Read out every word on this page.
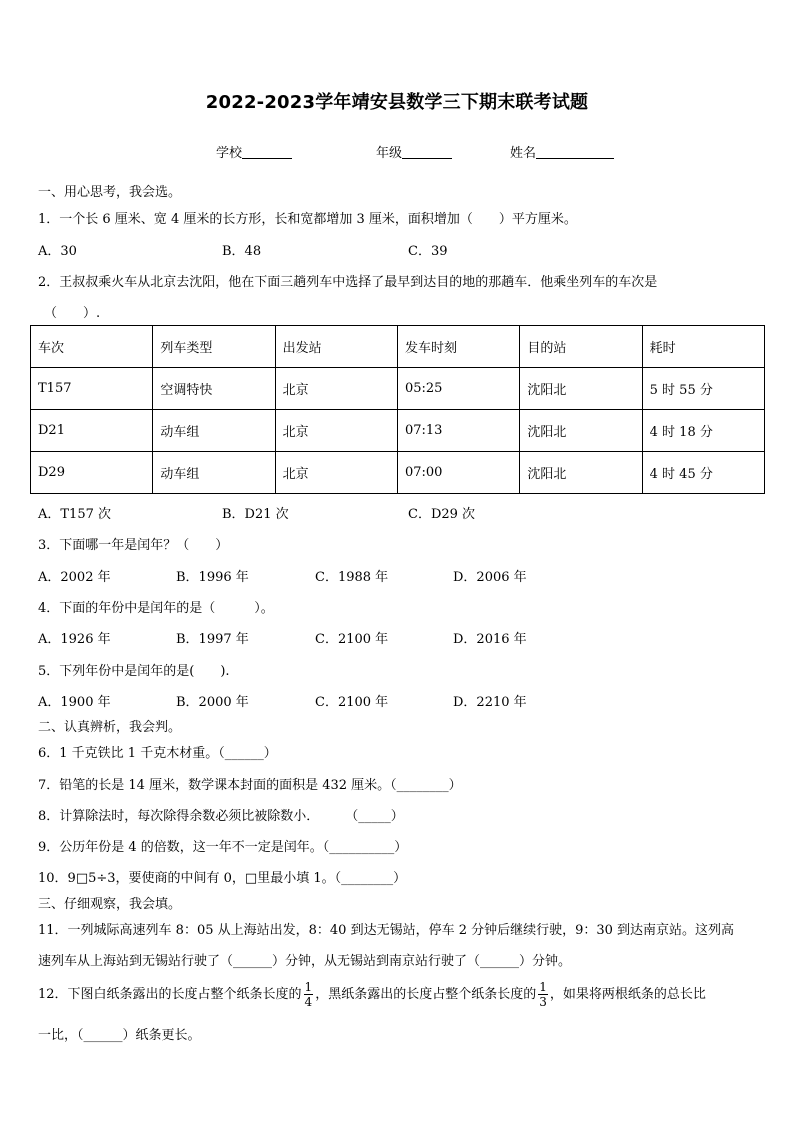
2022-2023学年靖安县数学三下期末联考试题
学校	年级	姓名
一、用心思考，我会选。
1．一个长 6 厘米、宽 4 厘米的长方形，长和宽都增加 3 厘米，面积增加（　　）平方厘米。
A．30	B．48	C．39
2．王叔叔乘火车从北京去沈阳，他在下面三趟列车中选择了最早到达目的地的那趟车．他乘坐列车的车次是
（　　）.
车次	列车类型	出发站	发车时刻	目的站	耗时
T157	空调特快	北京	05:25	沈阳北	5 时 55 分
D21	动车组	北京	07:13	沈阳北	4 时 18 分
D29	动车组	北京	07:00	沈阳北	4 时 45 分
A．T157 次	B．D21 次	C．D29 次
3．下面哪一年是闰年？（　　）
A．2002 年	B．1996 年	C．1988 年	D．2006 年
4．下面的年份中是闰年的是（　　　）。
A．1926 年	B．1997 年	C．2100 年	D．2016 年
5．下列年份中是闰年的是(　　).
A．1900 年	B．2000 年	C．2100 年	D．2210 年
二、认真辨析，我会判。
6．1 千克铁比 1 千克木材重。（______）
7．铅笔的长是 14 厘米，数学课本封面的面积是 432 厘米。（________）
8．计算除法时，每次除得余数必须比被除数小．　　　（_____）
9．公历年份是 4 的倍数，这一年不一定是闰年。（__________）
10．9□5÷3，要使商的中间有 0，□里最小填 1。（________）
三、仔细观察，我会填。
11．一列城际高速列车 8：05 从上海站出发，8：40 到达无锡站，停车 2 分钟后继续行驶，9：30 到达南京站。这列高
速列车从上海站到无锡站行驶了（______）分钟，从无锡站到南京站行驶了（______）分钟。
12．下图白纸条露出的长度占整个纸条长度的 $\frac{1}{4}$ ，黑纸条露出的长度占整个纸条长度的 $\frac{1}{3}$ ，如果将两根纸条的总长比
一比，（______）纸条更长。
